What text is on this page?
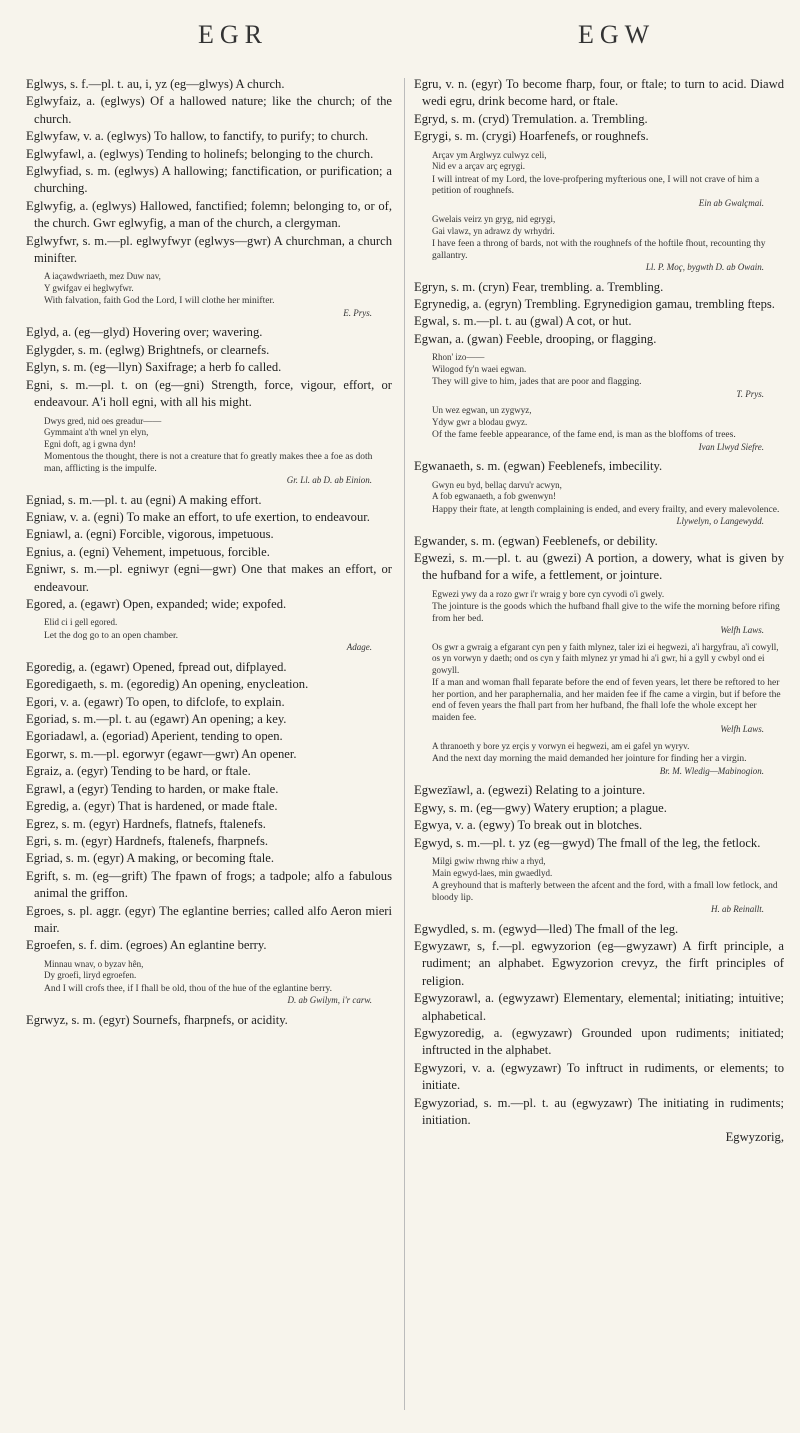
EGR	EGW

Eglwys, s. f.—pl. t. au, i, yz (eg—glwys) A church.

Eglwyfaiz, a. (eglwys) Of a hallowed nature; like the church; of the church.

Eglwyfaw, v. a. (eglwys) To hallow, to fanctify, to purify; to church.

Eglwyfawl, a. (eglwys) Tending to holinefs; belonging to the church.

Eglwyfiad, s. m. (eglwys) A hallowing; fanctification, or purification; a churching.

Eglwyfig, a. (eglwys) Hallowed, fanctified; folemn; belonging to, or of, the church. Gwr eglwyfig, a man of the church, a clergyman.

Eglwyfwr, s. m.—pl. eglwyfwyr (eglwys—gwr) A churchman, a church minifter.

A iaçawdwriaeth, mez Duw nav,
Y gwifgav ei heglwyfwr.
With falvation, faith God the Lord, I will clothe her minifter.
E. Prys.

Eglyd, a. (eg—glyd) Hovering over; wavering.

Eglygder, s. m. (eglwg) Brightnefs, or clearnefs.

Eglyn, s. m. (eg—llyn) Saxifrage; a herb fo called.

Egni, s. m.—pl. t. on (eg—gni) Strength, force, vigour, effort, or endeavour. A'i holl egni, with all his might.

Dwys gred, nid oes greadur——
Gymmaint a'th wnel yn elyn,
Egni doft, ag i gwna dyn!
Momentous the thought, there is not a creature that fo greatly makes thee a foe as doth man, afflicting is the impulfe.
Gr. Ll. ab D. ab Einion.

Egniad, s. m.—pl. t. au (egni) A making effort.

Egniaw, v. a. (egni) To make an effort, to ufe exertion, to endeavour.

Egniawl, a. (egni) Forcible, vigorous, impetuous.

Egnius, a. (egni) Vehement, impetuous, forcible.

Egniwr, s. m.—pl. egniwyr (egni—gwr) One that makes an effort, or endeavour.

Egored, a. (egawr) Open, expanded; wide; expofed.

Elid ci i gell egored.
Let the dog go to an open chamber.
Adage.

Egoredig, a. (egawr) Opened, fpread out, difplayed.

Egoredigaeth, s. m. (egoredig) An opening, enycleation.

Egori, v. a. (egawr) To open, to difclofe, to explain.

Egoriad, s. m.—pl. t. au (egawr) An opening; a key.

Egoriadawl, a. (egoriad) Aperient, tending to open.

Egorwr, s. m.—pl. egorwyr (egawr—gwr) An opener.

Egraiz, a. (egyr) Tending to be hard, or ftale.

Egrawl, a (egyr) Tending to harden, or make ftale.

Egredig, a. (egyr) That is hardened, or made ftale.

Egrez, s. m. (egyr) Hardnefs, flatnefs, ftalenefs.

Egri, s. m. (egyr) Hardnefs, ftalenefs, fharpnefs.

Egriad, s. m. (egyr) A making, or becoming ftale.

Egrift, s. m. (eg—grift) The fpawn of frogs; a tadpole; alfo a fabulous animal the griffon.

Egroes, s. pl. aggr. (egyr) The eglantine berries; called alfo Aeron mieri mair.

Egroefen, s. f. dim. (egroes) An eglantine berry.

Minnau wnav, o byzav hên,
Dy groefi, liryd egroefen.
And I will crofs thee, if I fhall be old, thou of the hue of the eglantine berry.
D. ab Gwilym, i'r carw.

Egrwyz, s. m. (egyr) Sournefs, fharpnefs, or acidity.

Egru, v. n. (egyr) To become fharp, four, or ftale; to turn to acid. Diawd wedi egru, drink become hard, or ftale.

Egryd, s. m. (cryd) Tremulation. a. Trembling.

Egrygi, s. m. (crygi) Hoarfenefs, or roughnefs.

Arçav ym Arglwyz culwyz celi,
Nid ev a arçav arç egrygi.
I will intreat of my Lord, the love-profpering myfterious one, I will not crave of him a petition of roughnefs.
Ein ab Gwalçmai.
Gwelais veirz yn gryg, nid egrygi,
Gai vlawz, yn adrawz dy wrhydri.
I have feen a throng of bards, not with the roughnefs of the hoftile fhout, recounting thy gallantry.
Ll. P. Moç, bygwth D. ab Owain.

Egryn, s. m. (cryn) Fear, trembling. a. Trembling.

Egrynedig, a. (egryn) Trembling. Egrynedigion gamau, trembling fteps.

Egwal, s. m.—pl. t. au (gwal) A cot, or hut.

Egwan, a. (gwan) Feeble, drooping, or flagging.

Rhon' izo——
Wilogod fy'n waei egwan.
They will give to him, jades that are poor and flagging.
T. Prys.
Un wez egwan, un zygwyz,
Ydyw gwr a blodau gwyz.
Of the fame feeble appearance, of the fame end, is man as the bloffoms of trees.
Ivan Llwyd Siefre.

Egwanaeth, s. m. (egwan) Feeblenefs, imbecility.

Gwyn eu byd, bellaç darvu'r acwyn,
A fob egwanaeth, a fob gwenwyn!
Happy their ftate, at length complaining is ended, and every frailty, and every malevolence.
Llywelyn, o Langewydd.

Egwander, s. m. (egwan) Feeblenefs, or debility.

Egwezi, s. m.—pl. t. au (gwezi) A portion, a dowery, what is given by the hufband for a wife, a fettlement, or jointure.

Egwezi ywy da a rozo gwr i'r wraig y bore cyn cyvodi o'i gwely.
The jointure is the goods which the hufband fhall give to the wife the morning before rifing from her bed.
Welfh Laws.
Os gwr a gwraig a efgarant cyn pen y faith mlynez, taler izi ei hegwezi, a'i hargyfrau, a'i cowyll, os yn vorwyn y daeth; ond os cyn y faith mlynez yr ymad hi a'i gwr, hi a gyll y cwbyl ond ei gowyll.
If a man and woman fhall feparate before the end of feven years, let there be reftored to her her portion, and her paraphernalia, and her maiden fee if fhe came a virgin, but if before the end of feven years the fhall part from her hufband, fhe fhall lofe the whole except her maiden fee.
Welfh Laws.
A thranoeth y bore yz erçis y vorwyn ei hegwezi, am ei gafel yn wyryv.
And the next day morning the maid demanded her jointure for finding her a virgin.
Br. M. Wledig—Mabinogion.

Egwezïawl, a. (egwezi) Relating to a jointure.

Egwy, s. m. (eg—gwy) Watery eruption; a plague.

Egwya, v. a. (egwy) To break out in blotches.

Egwyd, s. m.—pl. t. yz (eg—gwyd) The fmall of the leg, the fetlock.

Milgi gwiw rhwng rhiw a rhyd,
Main egwyd-laes, min gwaedlyd.
A greyhound that is mafterly between the afcent and the ford, with a fmall low fetlock, and bloody lip.
H. ab Reinallt.

Egwydled, s. m. (egwyd—lled) The fmall of the leg.

Egwyzawr, s, f.—pl. egwyzorion (eg—gwyzawr) A firft principle, a rudiment; an alphabet. Egwyzorion crevyz, the firft principles of religion.

Egwyzorawl, a. (egwyzawr) Elementary, elemental; initiating; intuitive; alphabetical.

Egwyzoredig, a. (egwyzawr) Grounded upon rudiments; initiated; inftructed in the alphabet.

Egwyzori, v. a. (egwyzawr) To inftruct in rudiments, or elements; to initiate.

Egwyzoriad, s. m.—pl. t. au (egwyzawr) The initiating in rudiments; initiation.

Egwyzorig,
